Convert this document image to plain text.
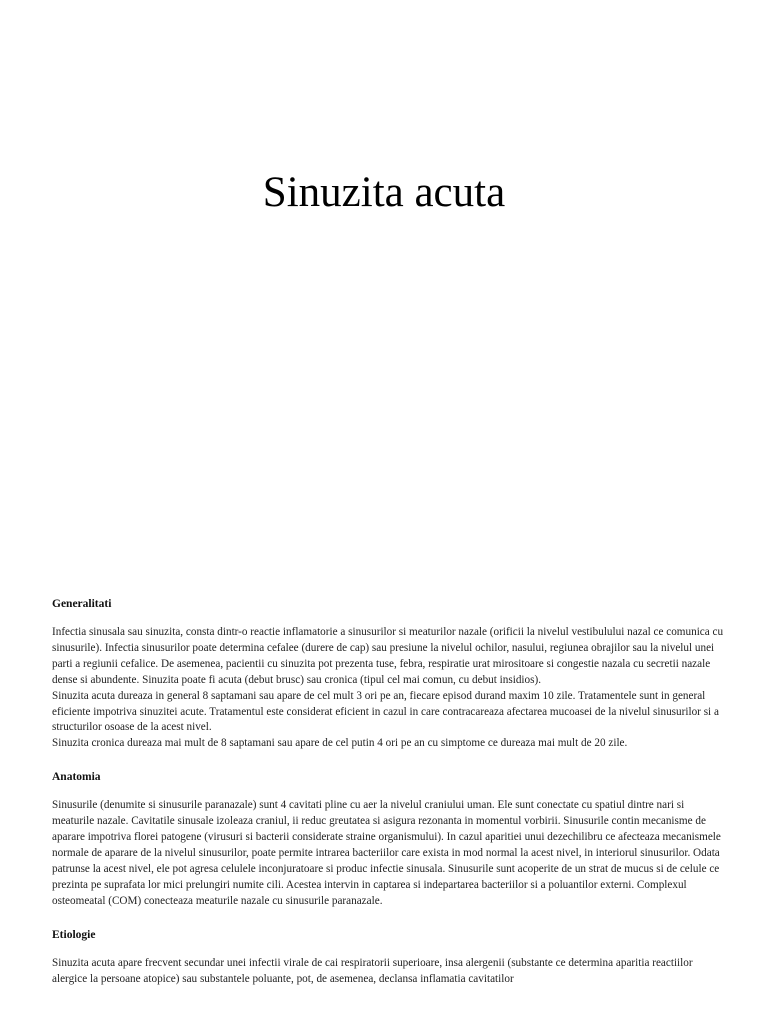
Sinuzita acuta

Generalitati

Infectia sinusala sau sinuzita, consta dintr-o reactie inflamatorie a sinusurilor si meaturilor nazale (orificii la nivelul vestibulului nazal ce comunica cu sinusurile). Infectia sinusurilor poate determina cefalee (durere de cap) sau presiune la nivelul ochilor, nasului, regiunea obrajilor sau la nivelul unei parti a regiunii cefalice. De asemenea, pacientii cu sinuzita pot prezenta tuse, febra, respiratie urat mirositoare si congestie nazala cu secretii nazale dense si abundente. Sinuzita poate fi acuta (debut brusc) sau cronica (tipul cel mai comun, cu debut insidios).

Sinuzita acuta dureaza in general 8 saptamani sau apare de cel mult 3 ori pe an, fiecare episod durand maxim 10 zile. Tratamentele sunt in general eficiente impotriva sinuzitei acute. Tratamentul este considerat eficient in cazul in care contracareaza afectarea mucoasei de la nivelul sinusurilor si a structurilor osoase de la acest nivel.

Sinuzita cronica dureaza mai mult de 8 saptamani sau apare de cel putin 4 ori pe an cu simptome ce dureaza mai mult de 20 zile.

Anatomia

Sinusurile (denumite si sinusurile paranazale) sunt 4 cavitati pline cu aer la nivelul craniului uman. Ele sunt conectate cu spatiul dintre nari si meaturile nazale. Cavitatile sinusale izoleaza craniul, ii reduc greutatea si asigura rezonanta in momentul vorbirii. Sinusurile contin mecanisme de aparare impotriva florei patogene (virusuri si bacterii considerate straine organismului). In cazul aparitiei unui dezechilibru ce afecteaza mecanismele normale de aparare de la nivelul sinusurilor, poate permite intrarea bacteriilor care exista in mod normal la acest nivel, in interiorul sinusurilor. Odata patrunse la acest nivel, ele pot agresa celulele inconjuratoare si produc infectie sinusala. Sinusurile sunt acoperite de un strat de mucus si de celule ce prezinta pe suprafata lor mici prelungiri numite cili. Acestea intervin in captarea si indepartarea bacteriilor si a poluantilor externi. Complexul osteomeatal (COM) conecteaza meaturile nazale cu sinusurile paranazale.

Etiologie

Sinuzita acuta apare frecvent secundar unei infectii virale de cai respiratorii superioare, insa alergenii (substante ce determina aparitia reactiilor alergice la persoane atopice) sau substantele poluante, pot, de asemenea, declansa inflamatia cavitatilor
